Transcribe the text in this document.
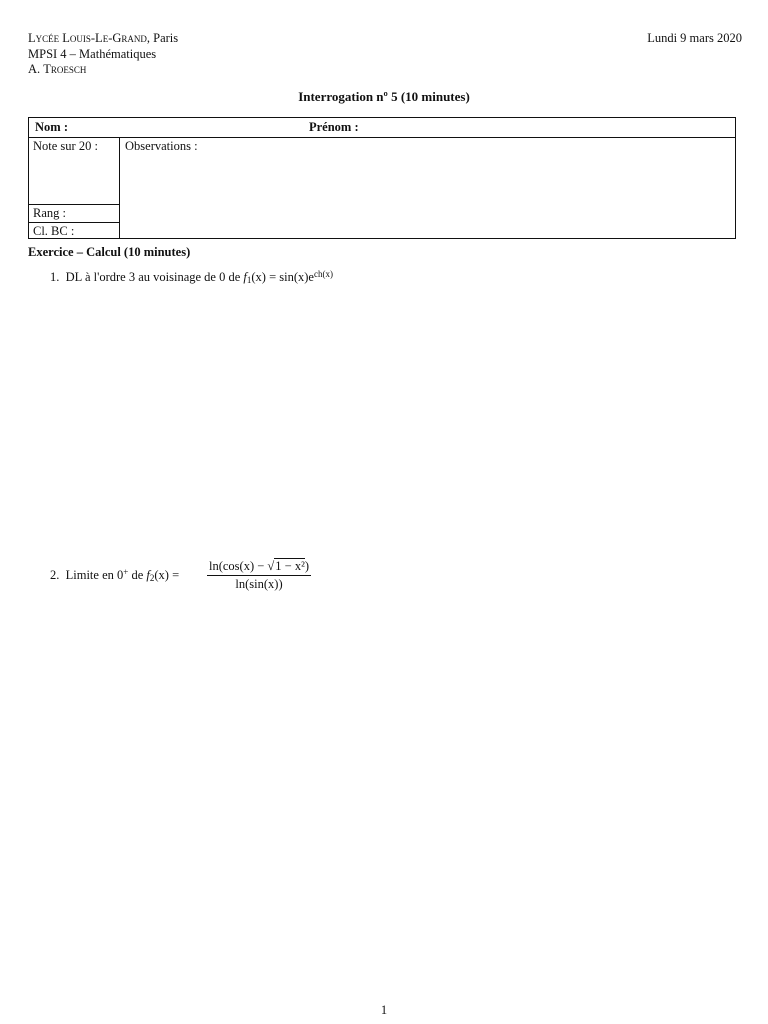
Lycée Louis-Le-Grand, Paris
MPSI 4 – Mathématiques
A. Troesch
Lundi 9 mars 2020
Interrogation nº 5 (10 minutes)
Nom :	Prénom :
Note sur 20 :
Rang :
Cl. BC :
Observations :
Exercice – Calcul (10 minutes)
1. DL à l'ordre 3 au voisinage de 0 de $f_1(x) = \sin(x)e^{ch(x)}$
2. Limite en 0+ de $f_2(x) = \frac{\text{ln(cos(x) − √1 − x²)}}{\ln(\sin(x))}$
1
